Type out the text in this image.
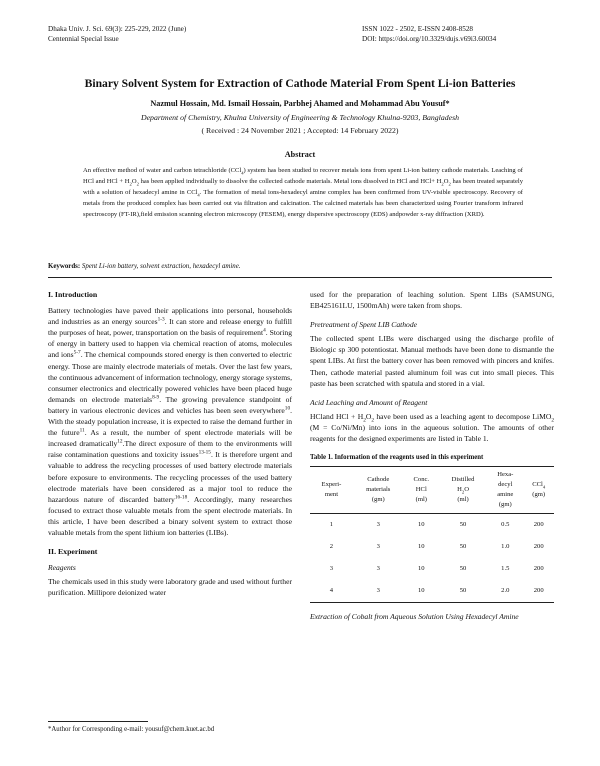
Dhaka Univ. J. Sci. 69(3): 225-229, 2022 (June)
Centennial Special Issue
ISSN 1022 - 2502, E-ISSN 2408-8528
DOI: https://doi.org/10.3329/dujs.v69i3.60034
Binary Solvent System for Extraction of Cathode Material From Spent Li-ion Batteries
Nazmul Hossain, Md. Ismail Hossain, Parbhej Ahamed and Mohammad Abu Yousuf*
Department of Chemistry, Khulna University of Engineering & Technology Khulna-9203, Bangladesh
( Received : 24 November 2021 ; Accepted: 14 February 2022)
Abstract
An effective method of water and carbon tetrachloride (CCl$_4$) system has been studied to recover metals ions from spent Li-ion battery cathode materials. Leaching of HCl and HCl + $H_2O_2$ has been applied individually to dissolve the collected cathode materials. Metal ions dissolved in HCl and $HCl+ H_2O_2$ has been treated separately with a solution of hexadecyl amine in CCl$_4$. The formation of metal ions-hexadecyl amine complex has been confirmed from UV-visible spectroscopy. Recovery of metals from the produced complex has been carried out via filtration and calcination. The calcined materials has been characterized using Fourier transform infrared spectroscopy (FT-IR),field emission scanning electron microscopy (FESEM), energy dispersive spectroscopy (EDS) andpowder x-ray diffraction (XRD).
Keywords: Spent Li-ion battery, solvent extraction, hexadecyl amine.
I. Introduction

Battery technologies have paved their applications into personal, households and industries as an energy sources$^{1-3}$. It can store and release energy to fulfill the purposes of heat, power, transportation on the basis of requirement$^4$. Storing of energy in battery used to happen via chemical reaction of atoms, molecules and ions$^{5-7}$. The chemical compounds stored energy is then converted to electric energy. Those are mainly electrode materials of metals. Over the last few years, the continuous advancement of information technology, energy storage systems, consumer electronics and electrically powered vehicles have been placed huge demands on electrode materials$^{8-9}$. The growing prevalence standpoint of battery in various electronic devices and vehicles has been seen everywhere$^{10}$. With the steady population increase, it is expected to raise the demand further in the future$^{11}$. As a result, the number of spent electrode materials will be increased dramatically$^{12}$.The direct exposure of them to the environments will raise contamination questions and toxicity issues$^{13-15}$. It is therefore urgent and valuable to address the recycling processes of used battery electrode materials before exposure to environments. The recycling processes of the used battery electrode materials have been considered as a major tool to reduce the hazardous nature of discarded battery$^{16-18}$. Accordingly, many researches focused to extract those valuable metals from the spent electrode materials. In this article, I have been described a binary solvent system to extract those valuable metals from the spent lithium ion batteries (LIBs).

II. Experiment
Reagents

The chemicals used in this study were laboratory grade and used without further purification. Millipore deionized water

used for the preparation of leaching solution. Spent LIBs (SAMSUNG, EB425161LU, 1500mAh) were taken from shops.

Pretreatment of Spent LIB Cathode

The collected spent LIBs were discharged using the discharge profile of Biologic sp 300 potentiostat. Manual methods have been done to dismantle the spent LIBs. At first the battery cover has been removed with pincers and knifes. Then, cathode material pasted aluminum foil was cut into small pieces. This paste has been scratched with spatula and stored in a vial.

Acid Leaching and Amount of Reagent

HCland HCl + $H_2O_2$ have been used as a leaching agent to decompose LiMO$_2$ (M = Co/Ni/Mn) into ions in the aqueous solution. The amounts of other reagents for the designed experiments are listed in Table 1.

Table 1. Information of the reagents used in this experiment
Experi-
ment	Cathode
materials
(gm)	Conc.
HCl
(ml)	Distilled
$H_2O$
(ml)	Hexa-
decyl
amine
(gm)	CCl$_4$
(gm)
1	3	10	50	0.5	200
2	3	10	50	1.0	200
3	3	10	50	1.5	200
4	3	10	50	2.0	200
Extraction of Cobalt from Aqueous Solution Using Hexadecyl Amine
*Author for Corresponding e-mail: yousuf@chem.kuet.ac.bd
